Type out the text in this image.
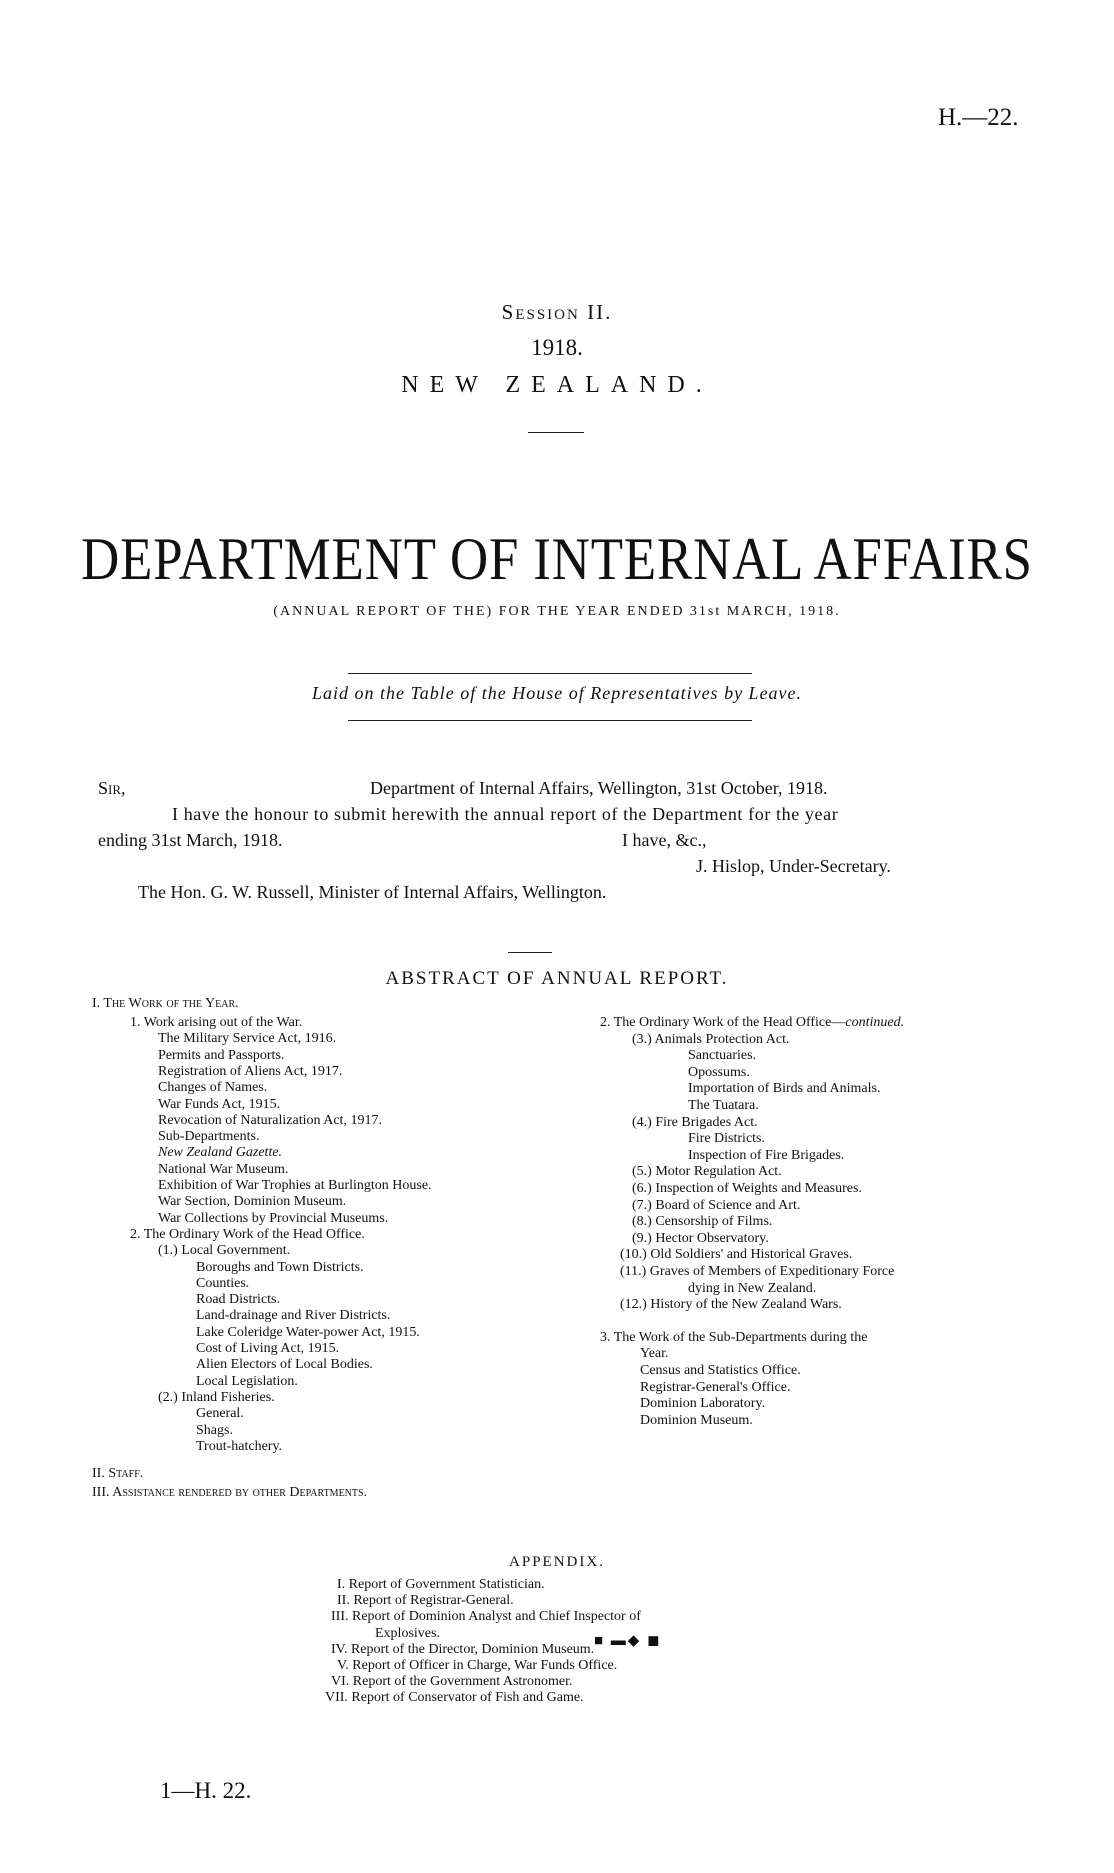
H.—22.
Session II.
1918.
NEW ZEALAND.
DEPARTMENT OF INTERNAL AFFAIRS
(ANNUAL REPORT OF THE) FOR THE YEAR ENDED 31st MARCH, 1918.
Laid on the Table of the House of Representatives by Leave.
Sir,	Department of Internal Affairs, Wellington, 31st October, 1918.
I have the honour to submit herewith the annual report of the Department for the year
ending 31st March, 1918.	I have, &c.,
J. Hislop, Under-Secretary.
The Hon. G. W. Russell, Minister of Internal Affairs, Wellington.
ABSTRACT OF ANNUAL REPORT.
I. The Work of the Year.
1. Work arising out of the War.
The Military Service Act, 1916.
Permits and Passports.
Registration of Aliens Act, 1917.
Changes of Names.
War Funds Act, 1915.
Revocation of Naturalization Act, 1917.
Sub-Departments.
New Zealand Gazette.
National War Museum.
Exhibition of War Trophies at Burlington House.
War Section, Dominion Museum.
War Collections by Provincial Museums.
2. The Ordinary Work of the Head Office.
(1.) Local Government.
Boroughs and Town Districts.
Counties.
Road Districts.
Land-drainage and River Districts.
Lake Coleridge Water-power Act, 1915.
Cost of Living Act, 1915.
Alien Electors of Local Bodies.
Local Legislation.
(2.) Inland Fisheries.
General.
Shags.
Trout-hatchery.
2. The Ordinary Work of the Head Office—continued.
(3.) Animals Protection Act.
Sanctuaries.
Opossums.
Importation of Birds and Animals.
The Tuatara.
(4.) Fire Brigades Act.
Fire Districts.
Inspection of Fire Brigades.
(5.) Motor Regulation Act.
(6.) Inspection of Weights and Measures.
(7.) Board of Science and Art.
(8.) Censorship of Films.
(9.) Hector Observatory.
(10.) Old Soldiers' and Historical Graves.
(11.) Graves of Members of Expeditionary Force
dying in New Zealand.
(12.) History of the New Zealand Wars.
3. The Work of the Sub-Departments during the
Year.
Census and Statistics Office.
Registrar-General's Office.
Dominion Laboratory.
Dominion Museum.
II. Staff.
III. Assistance rendered by other Departments.
APPENDIX.
I. Report of Government Statistician.
II. Report of Registrar-General.
III. Report of Dominion Analyst and Chief Inspector of
Explosives.
IV. Report of the Director, Dominion Museum.
V. Report of Officer in Charge, War Funds Office.
VI. Report of the Government Astronomer.
VII. Report of Conservator of Fish and Game.
■ ▬◆ ◼
1—H. 22.
